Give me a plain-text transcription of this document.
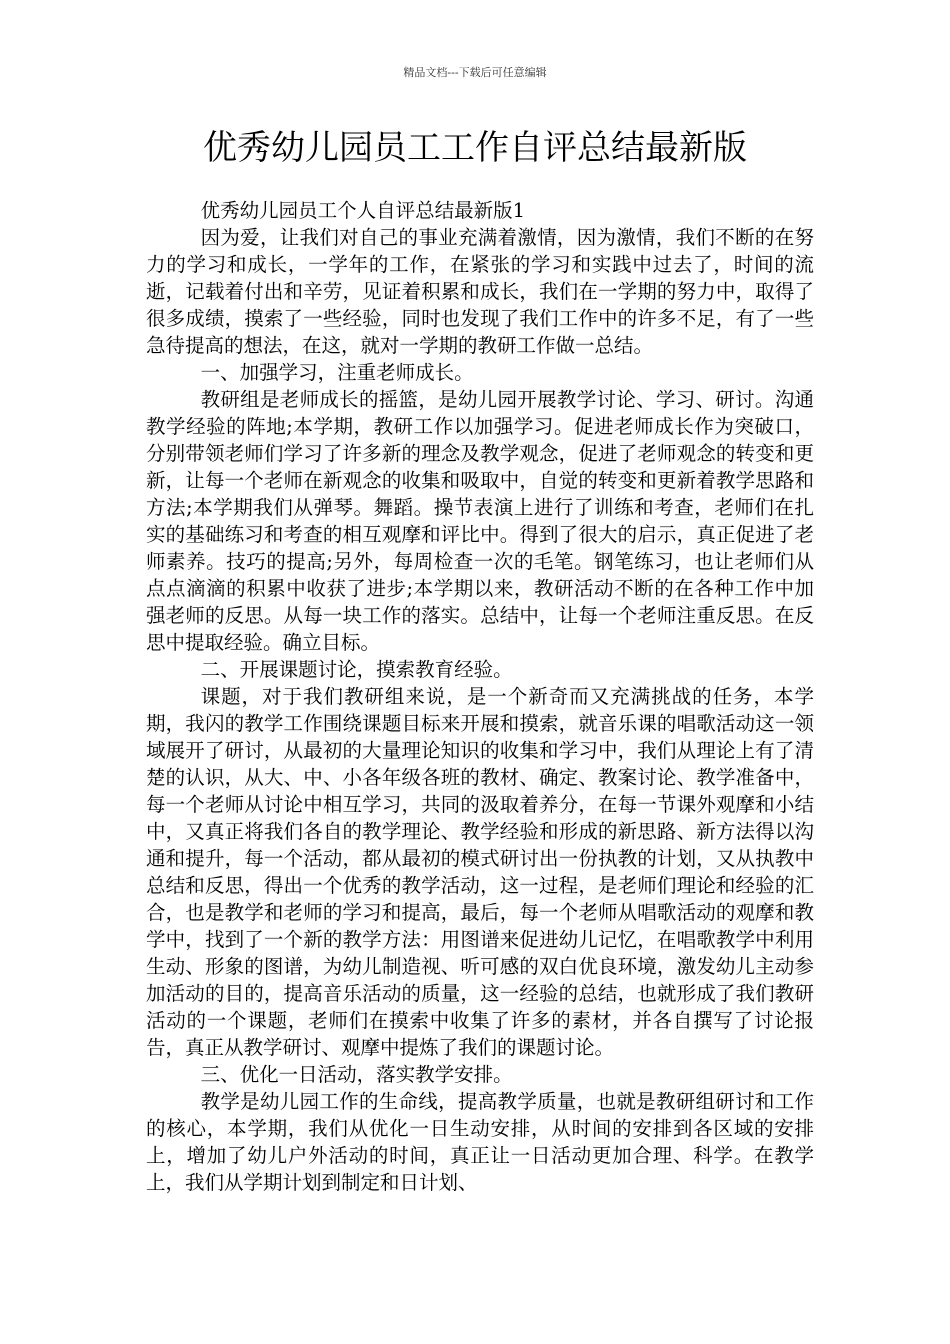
精品文档---下载后可任意编辑
优秀幼儿园员工工作自评总结最新版

优秀幼儿园员工个人自评总结最新版1

因为爱，让我们对自己的事业充满着激情，因为激情，我们不断的在努力的学习和成长，一学年的工作，在紧张的学习和实践中过去了，时间的流逝，记载着付出和辛劳，见证着积累和成长，我们在一学期的努力中，取得了很多成绩，摸索了一些经验，同时也发现了我们工作中的许多不足，有了一些急待提高的想法，在这，就对一学期的教研工作做一总结。

一、加强学习，注重老师成长。

教研组是老师成长的摇篮，是幼儿园开展教学讨论、学习、研讨。沟通教学经验的阵地;本学期，教研工作以加强学习。促进老师成长作为突破口，分别带领老师们学习了许多新的理念及教学观念，促进了老师观念的转变和更新，让每一个老师在新观念的收集和吸取中，自觉的转变和更新着教学思路和方法;本学期我们从弹琴。舞蹈。操节表演上进行了训练和考查，老师们在扎实的基础练习和考查的相互观摩和评比中。得到了很大的启示，真正促进了老师素养。技巧的提高;另外，每周检查一次的毛笔。钢笔练习，也让老师们从点点滴滴的积累中收获了进步;本学期以来，教研活动不断的在各种工作中加强老师的反思。从每一块工作的落实。总结中，让每一个老师注重反思。在反思中提取经验。确立目标。

二、开展课题讨论，摸索教育经验。

课题，对于我们教研组来说，是一个新奇而又充满挑战的任务，本学期，我闪的教学工作围绕课题目标来开展和摸索，就音乐课的唱歌活动这一领域展开了研讨，从最初的大量理论知识的收集和学习中，我们从理论上有了清楚的认识，从大、中、小各年级各班的教材、确定、教案讨论、教学准备中，每一个老师从讨论中相互学习，共同的汲取着养分，在每一节课外观摩和小结中，又真正将我们各自的教学理论、教学经验和形成的新思路、新方法得以沟通和提升，每一个活动，都从最初的模式研讨出一份执教的计划，又从执教中总结和反思，得出一个优秀的教学活动，这一过程，是老师们理论和经验的汇合，也是教学和老师的学习和提高，最后，每一个老师从唱歌活动的观摩和教学中，找到了一个新的教学方法：用图谱来促进幼儿记忆，在唱歌教学中利用生动、形象的图谱，为幼儿制造视、听可感的双白优良环境，激发幼儿主动参加活动的目的，提高音乐活动的质量，这一经验的总结，也就形成了我们教研活动的一个课题，老师们在摸索中收集了许多的素材，并各自撰写了讨论报告，真正从教学研讨、观摩中提炼了我们的课题讨论。

三、优化一日活动，落实教学安排。

教学是幼儿园工作的生命线，提高教学质量，也就是教研组研讨和工作的核心，本学期，我们从优化一日生动安排，从时间的安排到各区域的安排上，增加了幼儿户外活动的时间，真正让一日活动更加合理、科学。在教学上，我们从学期计划到制定和日计划、
